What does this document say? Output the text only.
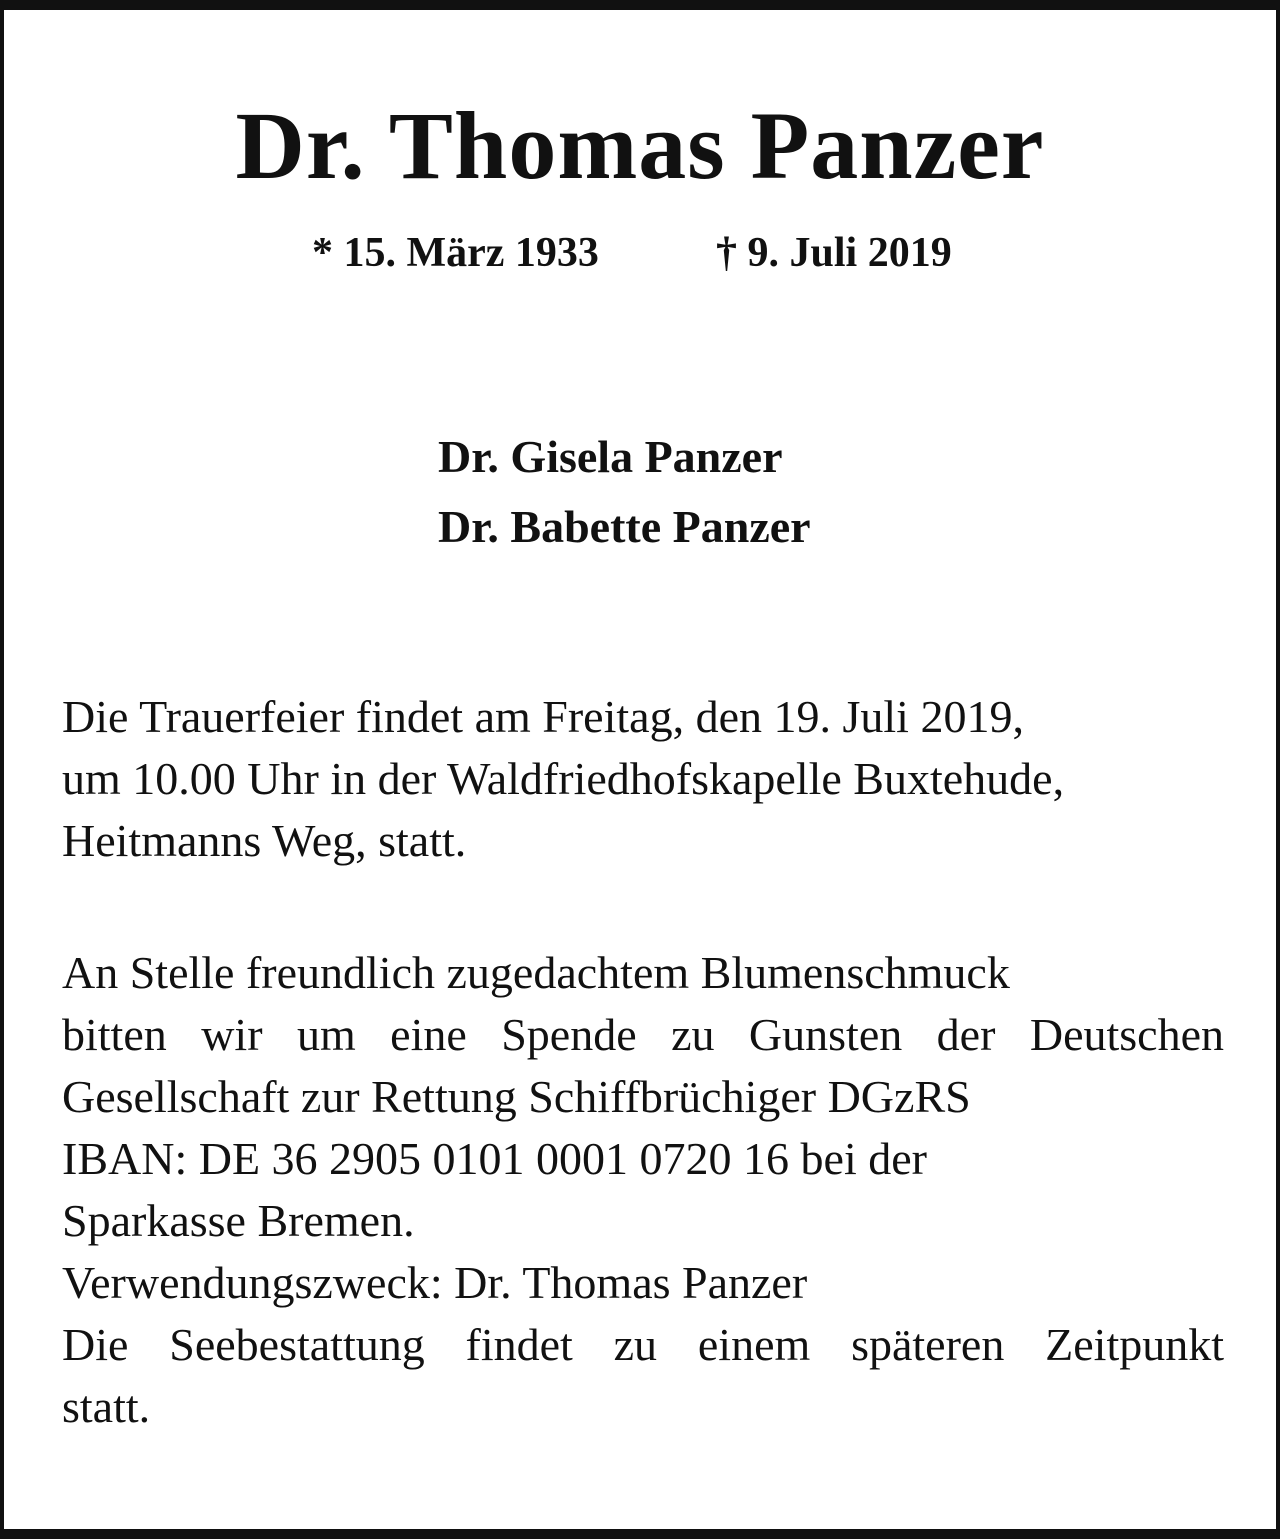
Dr. Thomas Panzer
* 15. März 1933	† 9. Juli 2019
Dr. Gisela Panzer
Dr. Babette Panzer
Die Trauerfeier findet am Freitag, den 19. Juli 2019,
um 10.00 Uhr in der Waldfriedhofskapelle Buxtehude,
Heitmanns Weg, statt.
An Stelle freundlich zugedachtem Blumenschmuck
bitten wir um eine Spende zu Gunsten der Deutschen
Gesellschaft zur Rettung Schiffbrüchiger DGzRS
IBAN: DE 36 2905 0101 0001 0720 16 bei der
Sparkasse Bremen.
Verwendungszweck: Dr. Thomas Panzer
Die Seebestattung findet zu einem späteren Zeitpunkt
statt.
